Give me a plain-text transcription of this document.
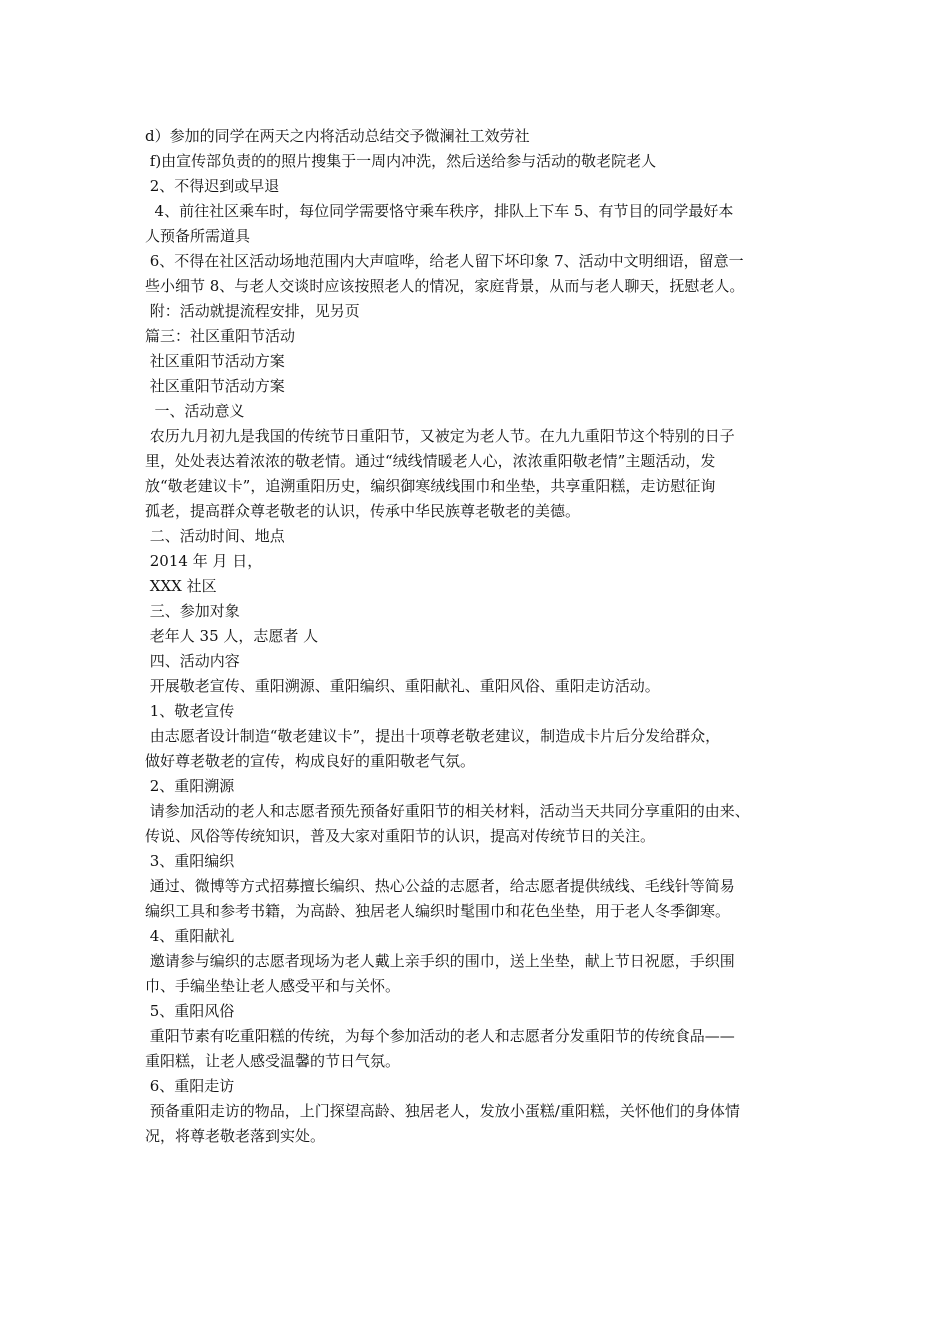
d）参加的同学在两天之内将活动总结交予微澜社工效劳社

f)由宣传部负责的的照片搜集于一周内冲洗，然后送给参与活动的敬老院老人

2、不得迟到或早退

4、前往社区乘车时，每位同学需要恪守乘车秩序，排队上下车 5、有节目的同学最好本

人预备所需道具

6、不得在社区活动场地范围内大声喧哗，给老人留下坏印象 7、活动中文明细语，留意一

些小细节 8、与老人交谈时应该按照老人的情况，家庭背景，从而与老人聊天，抚慰老人。

附：活动就提流程安排，见另页

篇三：社区重阳节活动

社区重阳节活动方案

社区重阳节活动方案

一、活动意义

农历九月初九是我国的传统节日重阳节，又被定为老人节。在九九重阳节这个特别的日子

里，处处表达着浓浓的敬老情。通过“绒线情暖老人心，浓浓重阳敬老情”主题活动，发

放“敬老建议卡”，追溯重阳历史，编织御寒绒线围巾和坐垫，共享重阳糕，走访慰征询

孤老，提高群众尊老敬老的认识，传承中华民族尊老敬老的美德。

二、活动时间、地点

2014 年 月 日，

XXX 社区

三、参加对象

老年人 35 人，志愿者 人

四、活动内容

开展敬老宣传、重阳溯源、重阳编织、重阳献礼、重阳风俗、重阳走访活动。

1、敬老宣传

由志愿者设计制造“敬老建议卡”，提出十项尊老敬老建议，制造成卡片后分发给群众，

做好尊老敬老的宣传，构成良好的重阳敬老气氛。

2、重阳溯源

请参加活动的老人和志愿者预先预备好重阳节的相关材料，活动当天共同分享重阳的由来、

传说、风俗等传统知识，普及大家对重阳节的认识，提高对传统节日的关注。

3、重阳编织

通过、微博等方式招募擅长编织、热心公益的志愿者，给志愿者提供绒线、毛线针等简易

编织工具和参考书籍，为高龄、独居老人编织时髦围巾和花色坐垫，用于老人冬季御寒。

4、重阳献礼

邀请参与编织的志愿者现场为老人戴上亲手织的围巾，送上坐垫，献上节日祝愿，手织围

巾、手编坐垫让老人感受平和与关怀。

5、重阳风俗

重阳节素有吃重阳糕的传统，为每个参加活动的老人和志愿者分发重阳节的传统食品——

重阳糕，让老人感受温馨的节日气氛。

6、重阳走访

预备重阳走访的物品，上门探望高龄、独居老人，发放小蛋糕/重阳糕，关怀他们的身体情

况，将尊老敬老落到实处。
